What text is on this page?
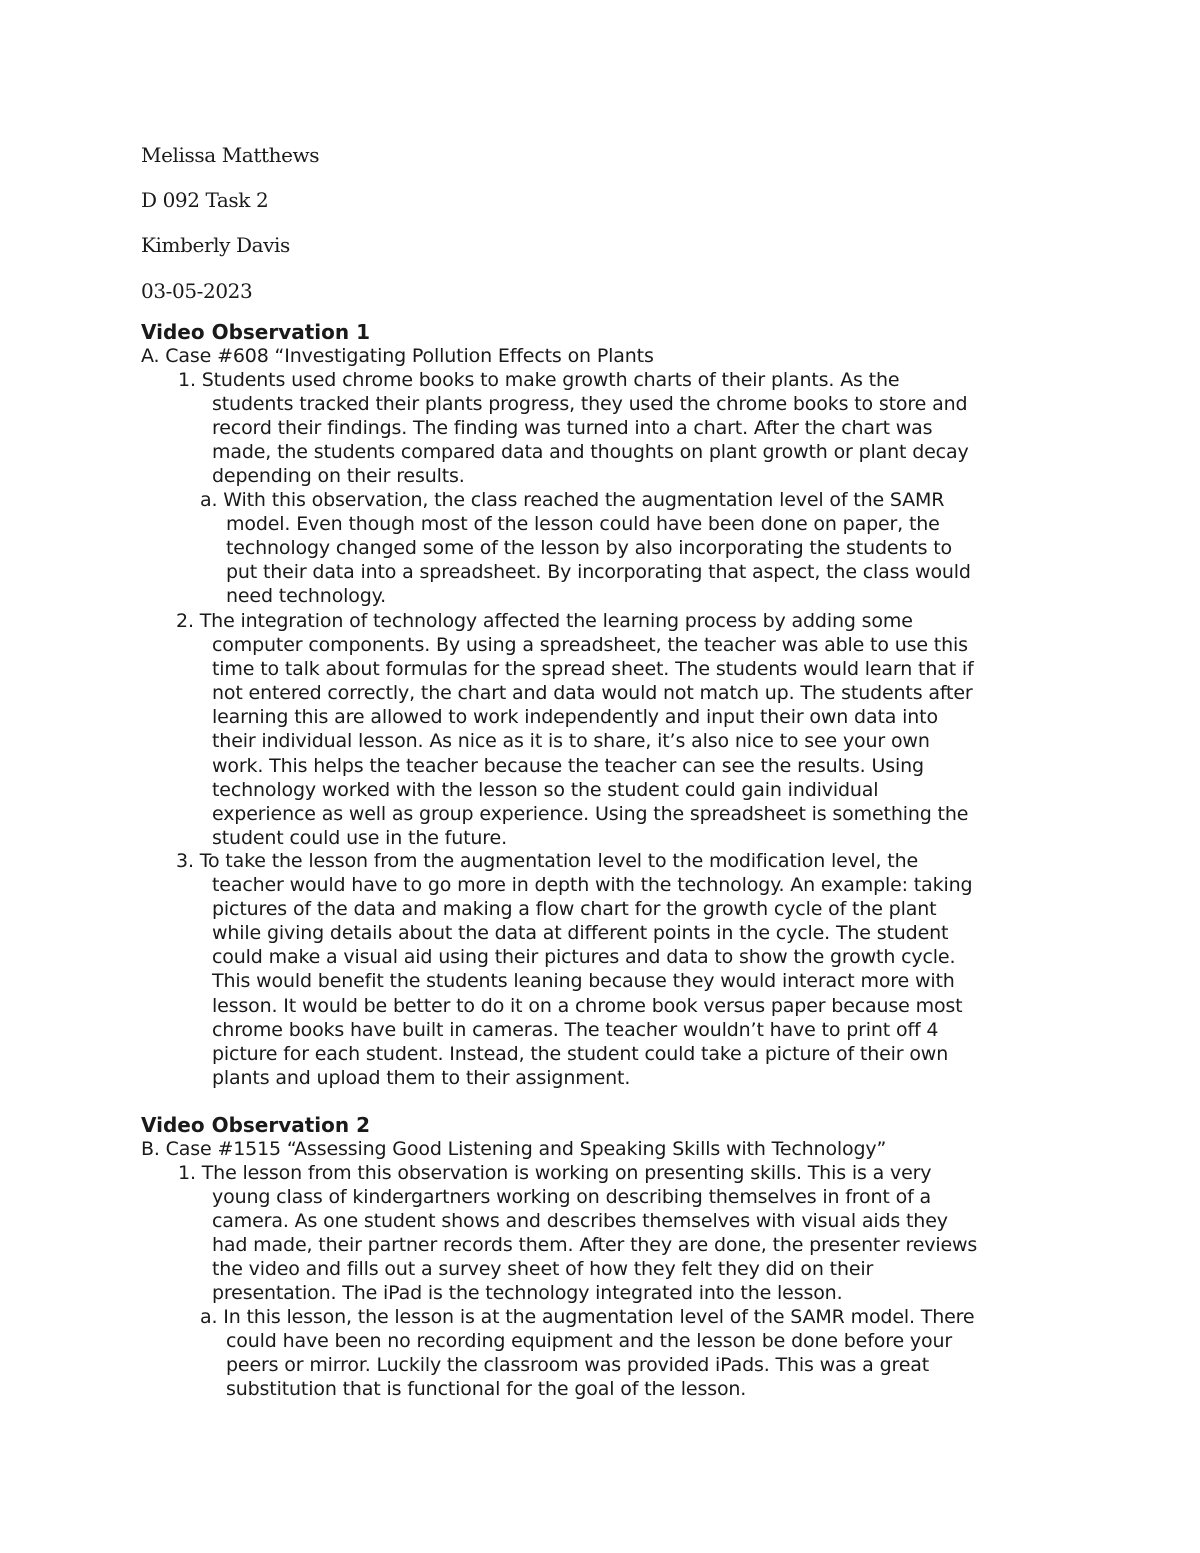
Melissa Matthews
D 092 Task 2
Kimberly Davis
03-05-2023
Video Observation 1
A. Case #608 “Investigating Pollution Effects on Plants
1. Students used chrome books to make growth charts of their plants. As the
students tracked their plants progress, they used the chrome books to store and
record their findings. The finding was turned into a chart. After the chart was
made, the students compared data and thoughts on plant growth or plant decay
depending on their results.
a. With this observation, the class reached the augmentation level of the SAMR
model. Even though most of the lesson could have been done on paper, the
technology changed some of the lesson by also incorporating the students to
put their data into a spreadsheet. By incorporating that aspect, the class would
need technology.
2. The integration of technology affected the learning process by adding some
computer components. By using a spreadsheet, the teacher was able to use this
time to talk about formulas for the spread sheet. The students would learn that if
not entered correctly, the chart and data would not match up. The students after
learning this are allowed to work independently and input their own data into
their individual lesson. As nice as it is to share, it’s also nice to see your own
work. This helps the teacher because the teacher can see the results. Using
technology worked with the lesson so the student could gain individual
experience as well as group experience. Using the spreadsheet is something the
student could use in the future.
3. To take the lesson from the augmentation level to the modification level, the
teacher would have to go more in depth with the technology. An example: taking
pictures of the data and making a flow chart for the growth cycle of the plant
while giving details about the data at different points in the cycle. The student
could make a visual aid using their pictures and data to show the growth cycle.
This would benefit the students leaning because they would interact more with
lesson. It would be better to do it on a chrome book versus paper because most
chrome books have built in cameras. The teacher wouldn’t have to print off 4
picture for each student. Instead, the student could take a picture of their own
plants and upload them to their assignment.
Video Observation 2
B. Case #1515 “Assessing Good Listening and Speaking Skills with Technology”
1. The lesson from this observation is working on presenting skills. This is a very
young class of kindergartners working on describing themselves in front of a
camera. As one student shows and describes themselves with visual aids they
had made, their partner records them. After they are done, the presenter reviews
the video and fills out a survey sheet of how they felt they did on their
presentation. The iPad is the technology integrated into the lesson.
a. In this lesson, the lesson is at the augmentation level of the SAMR model. There
could have been no recording equipment and the lesson be done before your
peers or mirror. Luckily the classroom was provided iPads. This was a great
substitution that is functional for the goal of the lesson.
